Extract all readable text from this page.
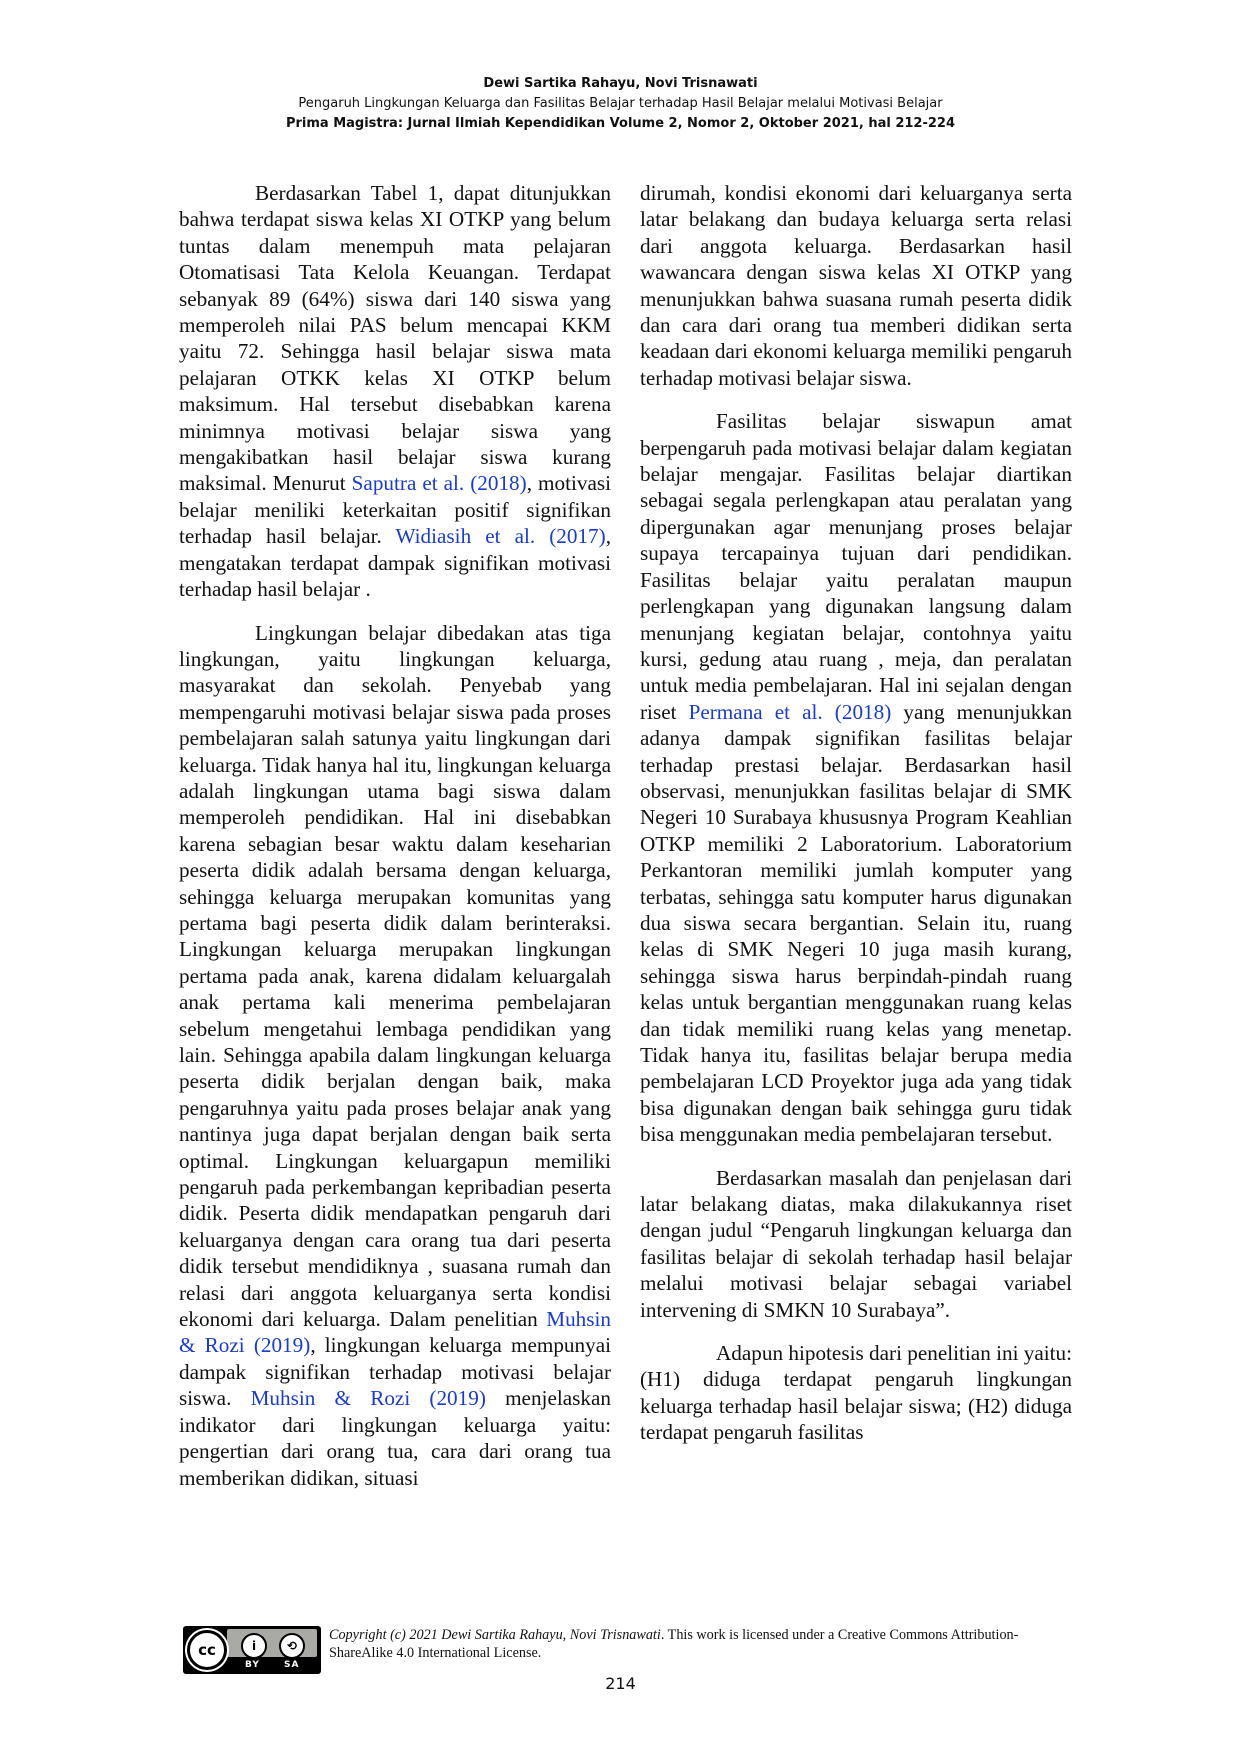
Dewi Sartika Rahayu, Novi Trisnawati
Pengaruh Lingkungan Keluarga dan Fasilitas Belajar terhadap Hasil Belajar melalui Motivasi Belajar
Prima Magistra: Jurnal Ilmiah Kependidikan Volume 2, Nomor 2, Oktober 2021, hal 212-224

Berdasarkan Tabel 1, dapat ditunjukkan bahwa terdapat siswa kelas XI OTKP yang belum tuntas dalam menempuh mata pelajaran Otomatisasi Tata Kelola Keuangan. Terdapat sebanyak 89 (64%) siswa dari 140 siswa yang memperoleh nilai PAS belum mencapai KKM yaitu 72. Sehingga hasil belajar siswa mata pelajaran OTKK kelas XI OTKP belum maksimum. Hal tersebut disebabkan karena minimnya motivasi belajar siswa yang mengakibatkan hasil belajar siswa kurang maksimal. Menurut Saputra et al. (2018), motivasi belajar meniliki keterkaitan positif signifikan terhadap hasil belajar. Widiasih et al. (2017), mengatakan terdapat dampak signifikan motivasi terhadap hasil belajar .

Lingkungan belajar dibedakan atas tiga lingkungan, yaitu lingkungan keluarga, masyarakat dan sekolah. Penyebab yang mempengaruhi motivasi belajar siswa pada proses pembelajaran salah satunya yaitu lingkungan dari keluarga. Tidak hanya hal itu, lingkungan keluarga adalah lingkungan utama bagi siswa dalam memperoleh pendidikan. Hal ini disebabkan karena sebagian besar waktu dalam keseharian peserta didik adalah bersama dengan keluarga, sehingga keluarga merupakan komunitas yang pertama bagi peserta didik dalam berinteraksi. Lingkungan keluarga merupakan lingkungan pertama pada anak, karena didalam keluargalah anak pertama kali menerima pembelajaran sebelum mengetahui lembaga pendidikan yang lain. Sehingga apabila dalam lingkungan keluarga peserta didik berjalan dengan baik, maka pengaruhnya yaitu pada proses belajar anak yang nantinya juga dapat berjalan dengan baik serta optimal. Lingkungan keluargapun memiliki pengaruh pada perkembangan kepribadian peserta didik. Peserta didik mendapatkan pengaruh dari keluarganya dengan cara orang tua dari peserta didik tersebut mendidiknya , suasana rumah dan relasi dari anggota keluarganya serta kondisi ekonomi dari keluarga. Dalam penelitian Muhsin & Rozi (2019), lingkungan keluarga mempunyai dampak signifikan terhadap motivasi belajar siswa. Muhsin & Rozi (2019) menjelaskan indikator dari lingkungan keluarga yaitu: pengertian dari orang tua, cara dari orang tua memberikan didikan, situasi

dirumah, kondisi ekonomi dari keluarganya serta latar belakang dan budaya keluarga serta relasi dari anggota keluarga. Berdasarkan hasil wawancara dengan siswa kelas XI OTKP yang menunjukkan bahwa suasana rumah peserta didik dan cara dari orang tua memberi didikan serta keadaan dari ekonomi keluarga memiliki pengaruh terhadap motivasi belajar siswa.

Fasilitas belajar siswapun amat berpengaruh pada motivasi belajar dalam kegiatan belajar mengajar. Fasilitas belajar diartikan sebagai segala perlengkapan atau peralatan yang dipergunakan agar menunjang proses belajar supaya tercapainya tujuan dari pendidikan. Fasilitas belajar yaitu peralatan maupun perlengkapan yang digunakan langsung dalam menunjang kegiatan belajar, contohnya yaitu kursi, gedung atau ruang , meja, dan peralatan untuk media pembelajaran. Hal ini sejalan dengan riset Permana et al. (2018) yang menunjukkan adanya dampak signifikan fasilitas belajar terhadap prestasi belajar. Berdasarkan hasil observasi, menunjukkan fasilitas belajar di SMK Negeri 10 Surabaya khususnya Program Keahlian OTKP memiliki 2 Laboratorium. Laboratorium Perkantoran memiliki jumlah komputer yang terbatas, sehingga satu komputer harus digunakan dua siswa secara bergantian. Selain itu, ruang kelas di SMK Negeri 10 juga masih kurang, sehingga siswa harus berpindah-pindah ruang kelas untuk bergantian menggunakan ruang kelas dan tidak memiliki ruang kelas yang menetap. Tidak hanya itu, fasilitas belajar berupa media pembelajaran LCD Proyektor juga ada yang tidak bisa digunakan dengan baik sehingga guru tidak bisa menggunakan media pembelajaran tersebut.

Berdasarkan masalah dan penjelasan dari latar belakang diatas, maka dilakukannya riset dengan judul “Pengaruh lingkungan keluarga dan fasilitas belajar di sekolah terhadap hasil belajar melalui motivasi belajar sebagai variabel intervening di SMKN 10 Surabaya”.

Adapun hipotesis dari penelitian ini yaitu: (H1) diduga terdapat pengaruh lingkungan keluarga terhadap hasil belajar siswa; (H2) diduga terdapat pengaruh fasilitas

cc	i	⟲
BY	SA
Copyright (c) 2021 Dewi Sartika Rahayu, Novi Trisnawati. This work is licensed under a Creative Commons Attribution-ShareAlike 4.0 International License.
214
